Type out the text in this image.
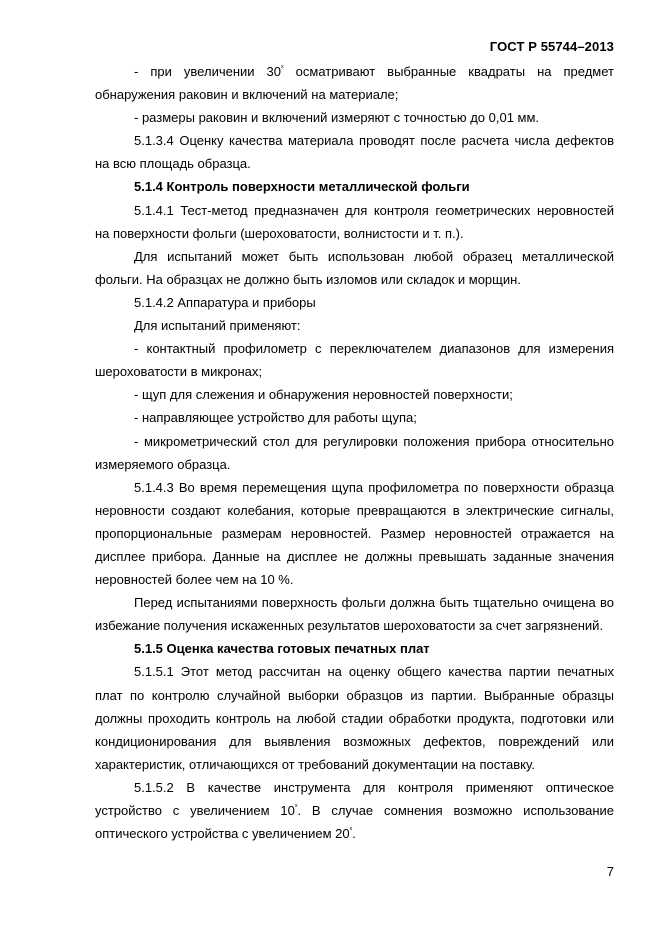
ГОСТ Р 55744–2013

- при увеличении $30^ˣ$ осматривают выбранные квадраты на предмет обнаружения раковин и включений на материале;

- размеры раковин и включений измеряют с точностью до 0,01 мм.

5.1.3.4 Оценку качества материала проводят после расчета числа дефектов на всю площадь образца.

5.1.4 Контроль поверхности металлической фольги

5.1.4.1 Тест-метод предназначен для контроля геометрических неровностей на поверхности фольги (шероховатости, волнистости и т. п.).

Для испытаний может быть использован любой образец металлической фольги. На образцах не должно быть изломов или складок и морщин.

5.1.4.2 Аппаратура и приборы

Для испытаний применяют:

- контактный профилометр с переключателем диапазонов для измерения шероховатости в микронах;

- щуп для слежения и обнаружения неровностей поверхности;

- направляющее устройство для работы щупа;

- микрометрический стол для регулировки положения прибора относительно измеряемого образца.

5.1.4.3 Во время перемещения щупа профилометра по поверхности образца неровности создают колебания, которые превращаются в электрические сигналы, пропорциональные размерам неровностей. Размер неровностей отражается на дисплее прибора. Данные на дисплее не должны превышать заданные значения неровностей более чем на 10 %.

Перед испытаниями поверхность фольги должна быть тщательно очищена во избежание получения искаженных результатов шероховатости за счет загрязнений.

5.1.5 Оценка качества готовых печатных плат

5.1.5.1 Этот метод рассчитан на оценку общего качества партии печатных плат по контролю случайной выборки образцов из партии. Выбранные образцы должны проходить контроль на любой стадии обработки продукта, подготовки или кондиционирования для выявления возможных дефектов, повреждений или характеристик, отличающихся от требований документации на поставку.

5.1.5.2 В качестве инструмента для контроля применяют оптическое устройство с увеличением $10^ˣ$. В случае сомнения возможно использование оптического устройства с увеличением $20^ˣ$.

7
